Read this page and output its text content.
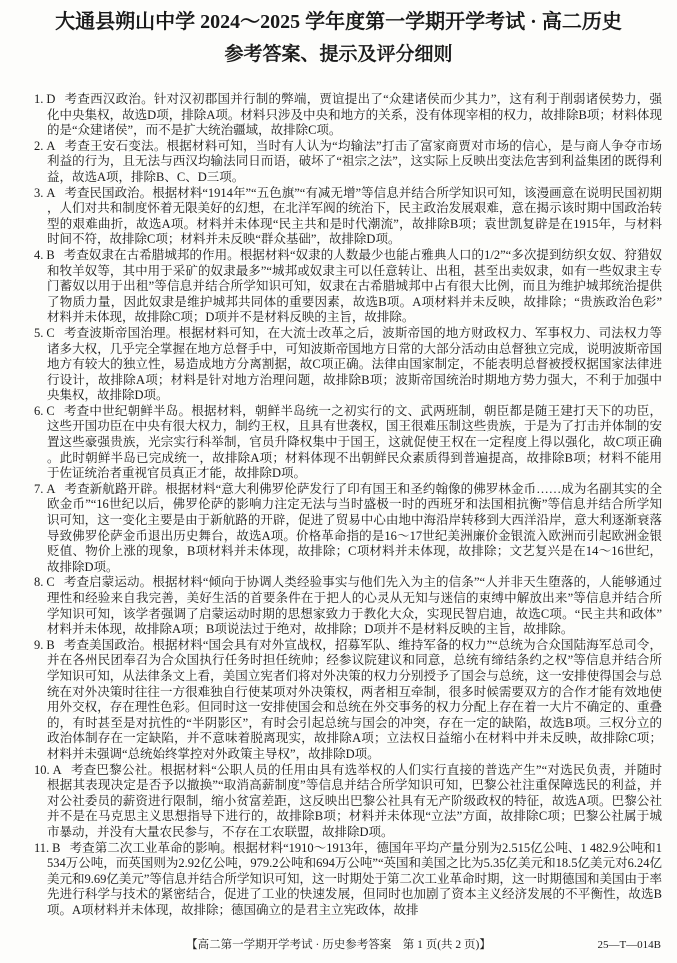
大通县朔山中学 2024～2025 学年度第一学期开学考试 · 高二历史
参考答案、提示及评分细则

1. D 考查西汉政治。针对汉初郡国并行制的弊端，贾谊提出了“众建诸侯而少其力”，这有利于削弱诸侯势力，强化中央集权，故选D项，排除A项。材料只涉及中央和地方的关系，没有体现宰相的权力，故排除B项；材料体现的是“众建诸侯”，而不是扩大统治疆域，故排除C项。

2. A 考查王安石变法。根据材料可知，当时有人认为“均输法”打击了富家商贾对市场的信心，是与商人争夺市场利益的行为，且无法与西汉均输法同日而语，破坏了“祖宗之法”，这实际上反映出变法危害到利益集团的既得利益，故选A项，排除B、C、D三项。

3. A 考查民国政治。根据材料“1914年”“五色旗”“有减无增”等信息并结合所学知识可知，该漫画意在说明民国初期，人们对共和制度怀着无限美好的幻想，在北洋军阀的统治下，民主政治发展艰难，意在揭示该时期中国政治转型的艰难曲折，故选A项。材料并未体现“民主共和是时代潮流”，故排除B项；袁世凯复辟是在1915年，与材料时间不符，故排除C项；材料并未反映“群众基础”，故排除D项。

4. B 考查奴隶在古希腊城邦的作用。根据材料“奴隶的人数最少也能占雅典人口的1/2”“多次提到纺织女奴、狩猎奴和牧羊奴等，其中用于采矿的奴隶最多”“城邦或奴隶主可以任意转让、出租，甚至出卖奴隶，如有一些奴隶主专门蓄奴以用于出租”等信息并结合所学知识可知，奴隶在古希腊城邦中占有很大比例，而且为维护城邦统治提供了物质力量，因此奴隶是维护城邦共同体的重要因素，故选B项。A项材料并未反映，故排除；“贵族政治色彩”材料并未体现，故排除C项；D项并不是材料反映的主旨，故排除。

5. C 考查波斯帝国治理。根据材料可知，在大流士改革之后，波斯帝国的地方财政权力、军事权力、司法权力等诸多大权，几乎完全掌握在地方总督手中，可知波斯帝国地方日常的大部分活动由总督独立完成，说明波斯帝国地方有较大的独立性，易造成地方分离割据，故C项正确。法律由国家制定，不能表明总督被授权据国家法律进行设计，故排除A项；材料是针对地方治理问题，故排除B项；波斯帝国统治时期地方势力强大，不利于加强中央集权，故排除D项。

6. C 考查中世纪朝鲜半岛。根据材料，朝鲜半岛统一之初实行的文、武两班制，朝臣都是随王建打天下的功臣，这些开国功臣在中央有很大权力，制约王权，且具有世袭权，国王很难压制这些贵族，于是为了打击并体制的安置这些豪强贵族，光宗实行科举制，官员升降权集中于国王，这就促使王权在一定程度上得以强化，故C项正确。此时朝鲜半岛已完成统一，故排除A项；材料体现不出朝鲜民众素质得到普遍提高，故排除B项；材料不能用于佐证统治者重视官员真正才能，故排除D项。

7. A 考查新航路开辟。根据材料“意大利佛罗伦萨发行了印有国王和圣约翰像的佛罗林金币……成为名副其实的全欧金币”“16世纪以后，佛罗伦萨的影响力注定无法与当时盛极一时的西班牙和法国相抗衡”等信息并结合所学知识可知，这一变化主要是由于新航路的开辟，促进了贸易中心由地中海沿岸转移到大西洋沿岸，意大利逐渐衰落导致佛罗伦萨金币退出历史舞台，故选A项。价格革命指的是16～17世纪美洲廉价金银流入欧洲而引起欧洲金银贬值、物价上涨的现象，B项材料并未体现，故排除；C项材料并未体现，故排除；文艺复兴是在14～16世纪，故排除D项。

8. C 考查启蒙运动。根据材料“倾向于协调人类经验事实与他们先入为主的信条”“人并非天生堕落的，人能够通过理性和经验来自我完善，美好生活的首要条件在于把人的心灵从无知与迷信的束缚中解放出来”等信息并结合所学知识可知，该学者强调了启蒙运动时期的思想家致力于教化大众，实现民智启迪，故选C项。“民主共和政体”材料并未体现，故排除A项；B项说法过于绝对，故排除；D项并不是材料反映的主旨，故排除。

9. B 考查美国政治。根据材料“国会具有对外宣战权，招募军队、维持军备的权力”“总统为合众国陆海军总司令，并在各州民团奉召为合众国执行任务时担任统帅；经参议院建议和同意，总统有缔结条约之权”等信息并结合所学知识可知，从法律条文上看，美国立宪者们将对外决策的权力分别授予了国会与总统，这一安排使得国会与总统在对外决策时往往一方很难独自行使某项对外决策权，两者相互牵制，很多时候需要双方的合作才能有效地使用外交权，存在理性色彩。但同时这一安排使国会和总统在外交事务的权力分配上存在着一大片不确定的、重叠的，有时甚至是对抗性的“半阴影区”，有时会引起总统与国会的冲突，存在一定的缺陷，故选B项。三权分立的政治体制存在一定缺陷，并不意味着脱离现实，故排除A项；立法权日益缩小在材料中并未反映，故排除C项；材料并未强调“总统始终掌控对外政策主导权”，故排除D项。

10. A 考查巴黎公社。根据材料“公职人员的任用由具有选举权的人们实行直接的普选产生”“对选民负责，并随时根据其表现决定是否予以撤换”“取消高薪制度”等信息并结合所学知识可知，巴黎公社注重保障选民的利益，并对公社委员的薪资进行限制，缩小贫富差距，这反映出巴黎公社具有无产阶级政权的特征，故选A项。巴黎公社并不是在马克思主义思想指导下进行的，故排除B项；材料并未体现“立法”方面，故排除C项；巴黎公社属于城市暴动，并没有大量农民参与，不存在工农联盟，故排除D项。

11. B 考查第二次工业革命的影响。根据材料“1910～1913年，德国年平均产量分别为2.515亿公吨、1 482.9公吨和1 534万公吨，而英国则为2.92亿公吨，979.2公吨和694万公吨”“英国和美国之比为5.35亿美元和18.5亿美元对6.24亿美元和9.69亿美元”等信息并结合所学知识可知，这一时期处于第二次工业革命时期，这一时期德国和美国由于率先进行科学与技术的紧密结合，促进了工业的快速发展，但同时也加剧了资本主义经济发展的不平衡性，故选B项。A项材料并未体现，故排除；德国确立的是君主立宪政体，故排

【高二第一学期开学考试 · 历史参考答案　第 1 页(共 2 页)】	25—T—014B
